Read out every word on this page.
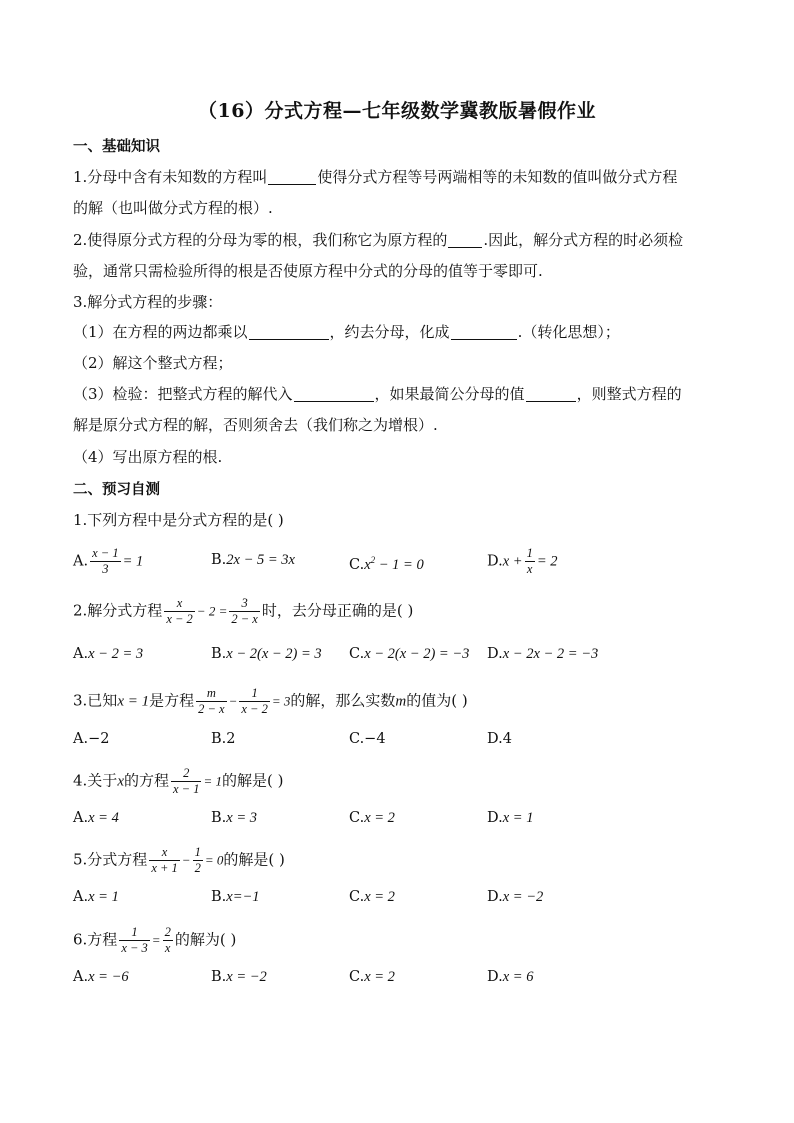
（16）分式方程—七年级数学冀教版暑假作业
一、基础知识
1.分母中含有未知数的方程叫	使得分式方程等号两端相等的未知数的值叫做分式方程
的解（也叫做分式方程的根）.
2.使得原分式方程的分母为零的根，我们称它为原方程的 .因此，解分式方程的时必须检
验，通常只需检验所得的根是否使原方程中分式的分母的值等于零即可.
3.解分式方程的步骤：
（1）在方程的两边都乘以	，约去分母，化成	.（转化思想）；
（2）解这个整式方程；
（3）检验：把整式方程的解代入	，如果最简公分母的值	，则整式方程的
解是原分式方程的解，否则须舍去（我们称之为增根）.
（4）写出原方程的根.
二、预习自测
1.下列方程中是分式方程的是( )
A. $\frac{x - 1}{3} = 1$	B.2x − 5 = 3x	$C.x^2 - 1 = 0$	$D.x + \frac{1}{x} = 2$
2.解分式方程 $\frac{x}{x - 2} - 2 = \frac{3}{2 - x}$ 时，去分母正确的是( )
A.x − 2 = 3	B.x − 2(x − 2) = 3 C.x − 2(x − 2) = −3 D.x − 2x − 2 = −3
3.已知x = 1是方程 $\frac{m}{2 - x} - \frac{1}{x - 2} = 3$的解，那么实数m的值为( )
A.−2	B.2	C.−4	D.4
4.关于x的方程 $\frac{2}{x - 1} = 1$的解是( )
A.x = 4	B.x = 3	C.x = 2	D.x = 1
5.分式方程 $\frac{x}{x + 1} - \frac{1}{2} = 0$的解是( )
A.x = 1	B.x=−1	C.x = 2	D.x = −2
6.方程 $\frac{1}{x - 3} = \frac{2}{x}$ 的解为( )
A.x = −6	B.x = −2	C.x = 2	D.x = 6
